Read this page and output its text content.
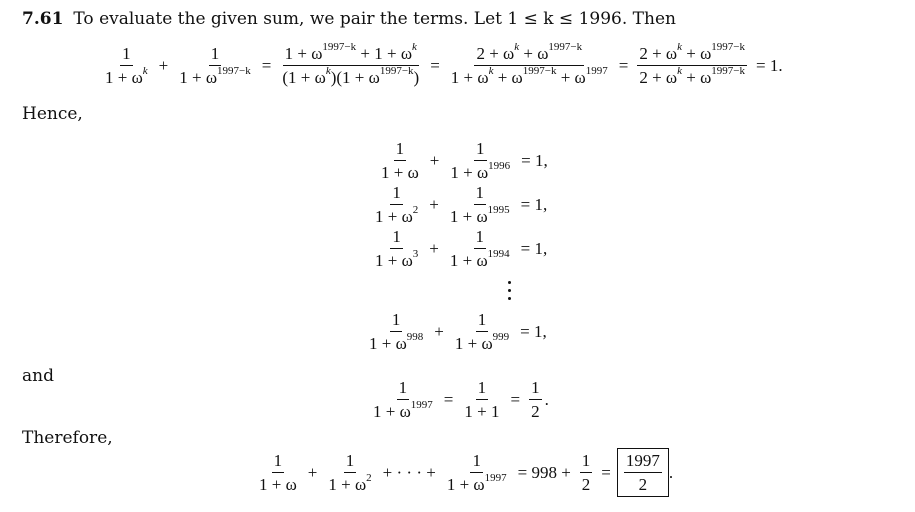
7.61 To evaluate the given sum, we pair the terms. Let 1 ≤ k ≤ 1996. Then
$\frac{1}{1 + \omega^k} + \frac{1}{1 + \omega^{1997-k}} = \frac{1 + \omega^{1997-k} + 1 + \omega^k}{(1 + \omega^k)(1 + \omega^{1997-k})} = \frac{2 + \omega^k + \omega^{1997-k}}{1 + \omega^k + \omega^{1997-k} + \omega^{1997}} = \frac{2 + \omega^k + \omega^{1997-k}}{2 + \omega^k + \omega^{1997-k}} = 1$.
Hence,
$\frac{1}{1 + \omega} + \frac{1}{1 + \omega^{1996}} = 1$,
$\frac{1}{1 + \omega^2} + \frac{1}{1 + \omega^{1995}} = 1$,
$\frac{1}{1 + \omega^3} + \frac{1}{1 + \omega^{1994}} = 1$,
$\frac{1}{1 + \omega^{998}} + \frac{1}{1 + \omega^{999}} = 1$,
and
$\frac{1}{1 + \omega^{1997}} = \frac{1}{1 + 1} = \frac{1}{2}$ .
Therefore,
$\frac{1}{1 + \omega} + \frac{1}{1 + \omega^2}$ + · · · + $\frac{1}{1 + \omega^{1997}} = 998 + \frac{1}{2} = \frac{1997}{2}$ .
